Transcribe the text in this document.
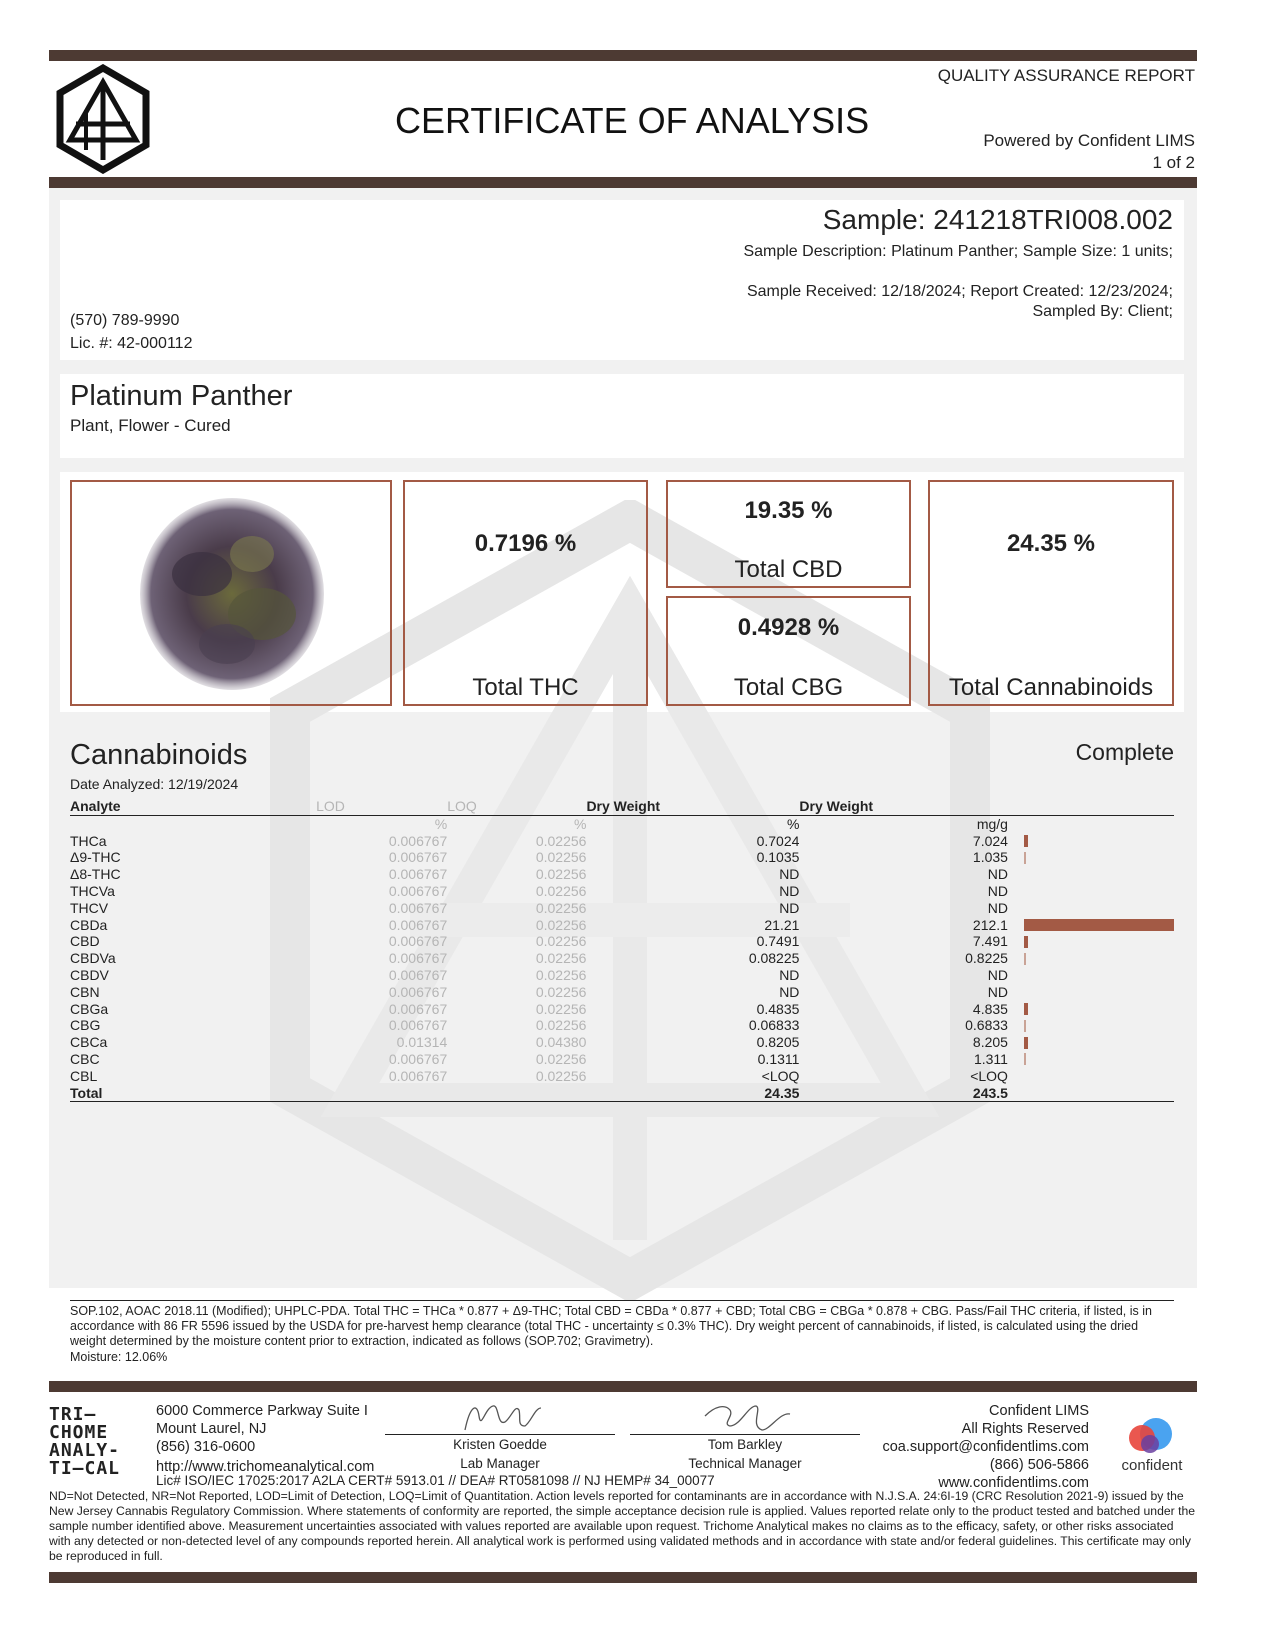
QUALITY ASSURANCE REPORT
CERTIFICATE OF ANALYSIS	Powered by Confident LIMS
1 of 2
Sample: 241218TRI008.002
Sample Description: Platinum Panther; Sample Size: 1 units;
Sample Received: 12/18/2024; Report Created: 12/23/2024;
Sampled By: Client;
(570) 789-9990
Lic. #: 42-000112
Platinum Panther
Plant, Flower - Cured
0.7196 %
Total THC
19.35 %
Total CBD
0.4928 %
Total CBG
24.35 %
Total Cannabinoids
Cannabinoids	Complete
Date Analyzed: 12/19/2024
Analyte	LOD	LOQ	Dry Weight	Dry Weight	
	%	%	%	mg/g	
THCa	0.006767	0.02256	0.7024	7.024	

Δ9-THC	0.006767	0.02256	0.1035	1.035	

Δ8-THC	0.006767	0.02256	ND	ND	
THCVa	0.006767	0.02256	ND	ND	
THCV	0.006767	0.02256	ND	ND	
CBDa	0.006767	0.02256	21.21	212.1	

CBD	0.006767	0.02256	0.7491	7.491	

CBDVa	0.006767	0.02256	0.08225	0.8225	

CBDV	0.006767	0.02256	ND	ND	
CBN	0.006767	0.02256	ND	ND	
CBGa	0.006767	0.02256	0.4835	4.835	

CBG	0.006767	0.02256	0.06833	0.6833	

CBCa	0.01314	0.04380	0.8205	8.205	

CBC	0.006767	0.02256	0.1311	1.311	

CBL	0.006767	0.02256	<LOQ	<LOQ	
Total			24.35	243.5	
SOP.102, AOAC 2018.11 (Modified); UHPLC-PDA. Total THC = THCa * 0.877 + Δ9-THC; Total CBD = CBDa * 0.877 + CBD; Total CBG = CBGa * 0.878 + CBG. Pass/Fail THC criteria, if listed, is in accordance with 86 FR 5596 issued by the USDA for pre-harvest hemp clearance (total THC - uncertainty ≤ 0.3% THC). Dry weight percent of cannabinoids, if listed, is calculated using the dried weight determined by the moisture content prior to extraction, indicated as follows (SOP.702; Gravimetry).
Moisture: 12.06%
TRI—
CHOME
ANALY-
TI—CAL
6000 Commerce Parkway Suite I
Mount Laurel, NJ
(856) 316-0600
http://www.trichomeanalytical.com
Kristen Goedde
Lab Manager
Tom Barkley
Technical Manager
Confident LIMS
All Rights Reserved
coa.support@confidentlims.com
(866) 506-5866
www.confidentlims.com
confident
Lic# ISO/IEC 17025:2017 A2LA CERT# 5913.01 // DEA# RT0581098 // NJ HEMP# 34_00077
ND=Not Detected, NR=Not Reported, LOD=Limit of Detection, LOQ=Limit of Quantitation. Action levels reported for contaminants are in accordance with N.J.S.A. 24:6I-19 (CRC Resolution 2021-9) issued by the New Jersey Cannabis Regulatory Commission. Where statements of conformity are reported, the simple acceptance decision rule is applied. Values reported relate only to the product tested and batched under the sample number identified above. Measurement uncertainties associated with values reported are available upon request. Trichome Analytical makes no claims as to the efficacy, safety, or other risks associated with any detected or non-detected level of any compounds reported herein. All analytical work is performed using validated methods and in accordance with state and/or federal guidelines. This certificate may only be reproduced in full.
